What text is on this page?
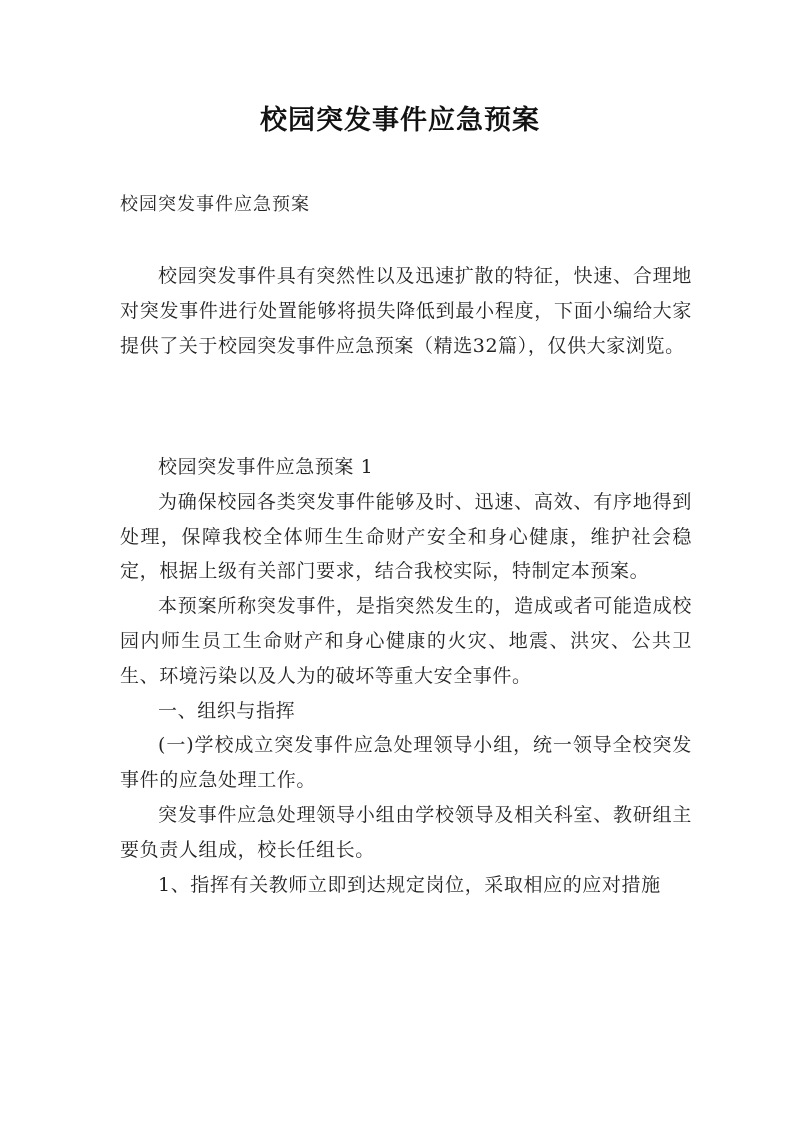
校园突发事件应急预案
校园突发事件应急预案
校园突发事件具有突然性以及迅速扩散的特征，快速、合理地对突发事件进行处置能够将损失降低到最小程度，下面小编给大家提供了关于校园突发事件应急预案（精选32篇），仅供大家浏览。

校园突发事件应急预案 1

为确保校园各类突发事件能够及时、迅速、高效、有序地得到处理，保障我校全体师生生命财产安全和身心健康，维护社会稳定，根据上级有关部门要求，结合我校实际，特制定本预案。

本预案所称突发事件，是指突然发生的，造成或者可能造成校园内师生员工生命财产和身心健康的火灾、地震、洪灾、公共卫生、环境污染以及人为的破坏等重大安全事件。

一、组织与指挥

(一)学校成立突发事件应急处理领导小组，统一领导全校突发事件的应急处理工作。

突发事件应急处理领导小组由学校领导及相关科室、教研组主要负责人组成，校长任组长。

1、指挥有关教师立即到达规定岗位，采取相应的应对措施
